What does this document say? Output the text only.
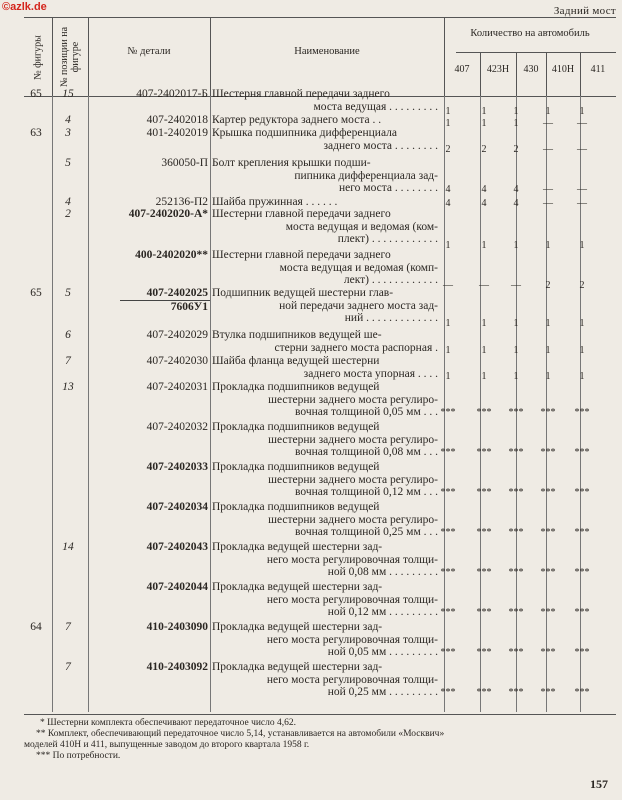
©azlk.de	Задний мост
№ фигуры № позиции на фигуре	№ детали	Наименование
Количество на автомобиль
407	423Н	430	410Н	411
65	15	407-2402017-Б Шестерня главной передачи заднего
моста ведущая . . . . . . . . . 1	1	1	1	1
4	407-2402018 Картер редуктора заднего моста . .	1	1	1	—	—
63	3	401-2402019 Крышка подшипника дифференциала
заднего моста . . . . . . . . 2	2	2	—	—
5	360050-П Болт крепления крышки подши-
пипника дифференциала зад-
него моста . . . . . . . . 4	4	4	—	—
4	252136-П2 Шайба пружинная . . . . . .	4	4	4	—	—
2	407-2402020-А* Шестерни главной передачи заднего
моста ведущая и ведомая (ком-
плект) . . . . . . . . . . . .
1	1	1	1	1
400-2402020** Шестерни главной передачи заднего
моста ведущая и ведомая (комп-
лект) . . . . . . . . . . . . —	—	—	2	2
65	5	407-2402025
7606У1
Подшипник ведущей шестерни глав-
ной передачи заднего моста зад-
ний . . . . . . . . . . . . . 1	1	1	1	1
6	407-2402029 Втулка подшипников ведущей ше-
стерни заднего моста распорная . 1	1	1	1	1
7	407-2402030 Шайба фланца ведущей шестерни
заднего моста упорная . . . . 1	1	1	1	1
13	407-2402031 Прокладка подшипников ведущей
шестерни заднего моста регулиро-
вочная толщиной 0,05 мм . . . ***	***	***	***	***
407-2402032 Прокладка подшипников ведущей
шестерни заднего моста регулиро-
вочная толщиной 0,08 мм . . . ***	***	***	***	***
407-2402033 Прокладка подшипников ведущей
шестерни заднего моста регулиро-
вочная толщиной 0,12 мм . . . ***	***	***	***	***
407-2402034 Прокладка подшипников ведущей
шестерни заднего моста регулиро-
вочная толщиной 0,25 мм . . . ***	***	***	***	***
14	407-2402043 Прокладка ведущей шестерни зад-
него моста регулировочная толщи-
ной 0,08 мм . . . . . . . . . ***	***	***	***	***
407-2402044 Прокладка ведущей шестерни зад-
него моста регулировочная толщи-
ной 0,12 мм . . . . . . . . . ***	***	***	***	***
64	7	410-2403090 Прокладка ведущей шестерни зад-
него моста регулировочная толщи-
ной 0,05 мм . . . . . . . . . ***	***	***	***	***
7	410-2403092 Прокладка ведущей шестерни зад-
него моста регулировочная толщи-
ной 0,25 мм . . . . . . . . . ***	***	***	***	***
* Шестерни комплекта обеспечивают передаточное число 4,62.
** Комплект, обеспечивающий передаточное число 5,14, устанавливается на автомобили «Москвич»
моделей 410Н и 411, выпущенные заводом до второго квартала 1958 г.
*** По потребности.
157
